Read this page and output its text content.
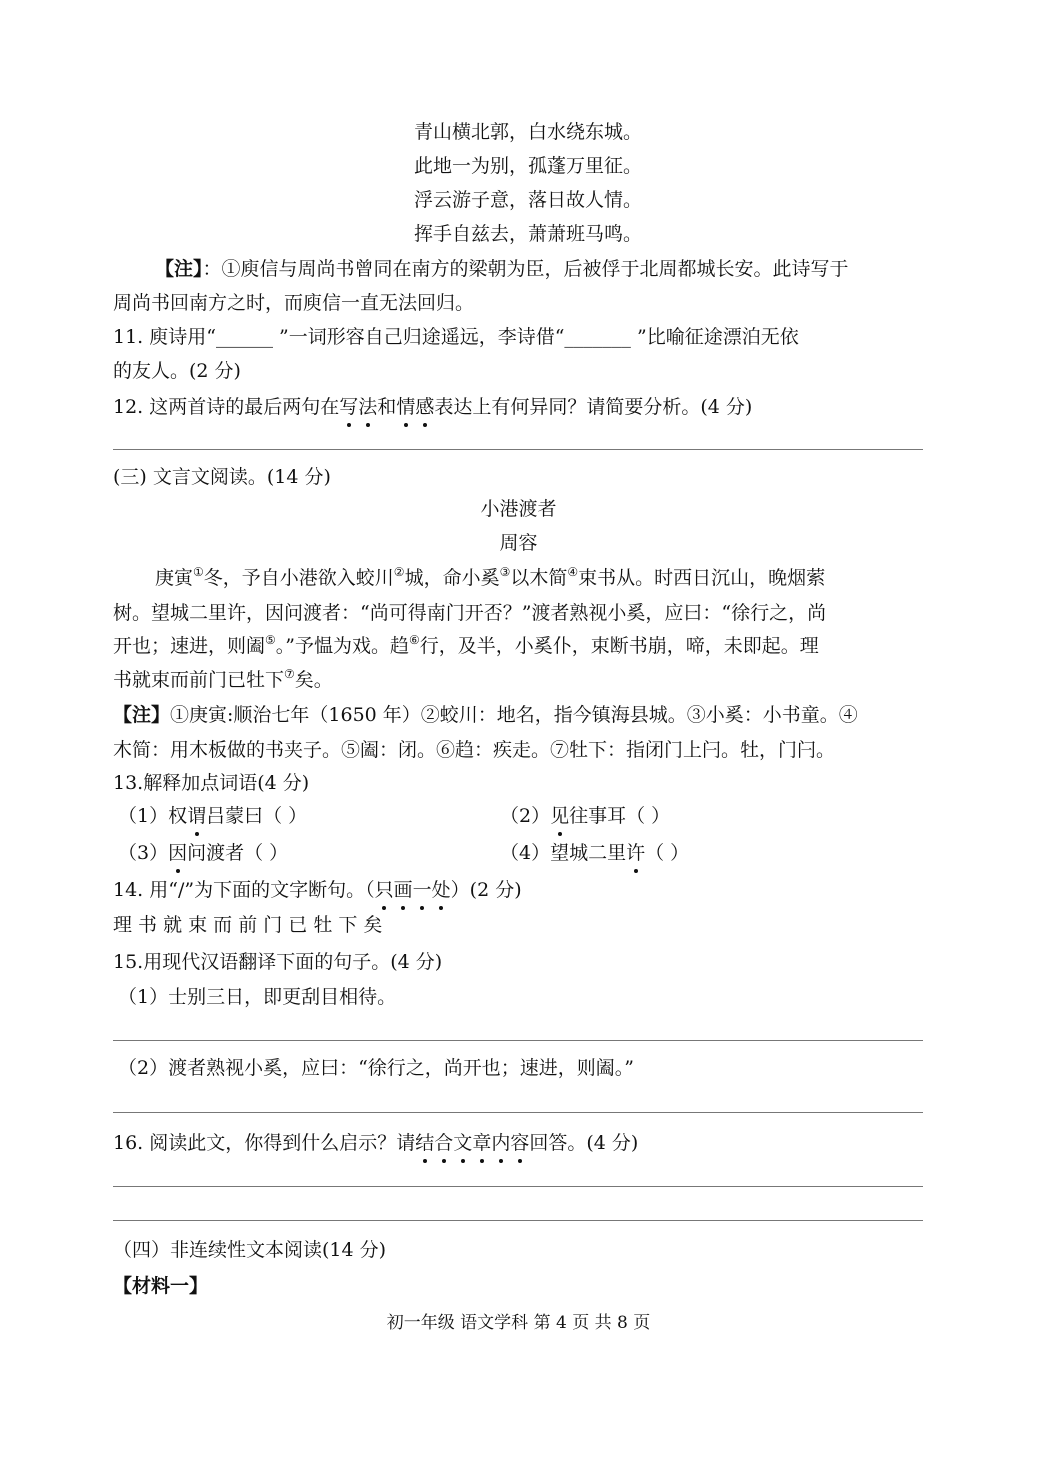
青山横北郭，白水绕东城。
此地一为别，孤蓬万里征。
浮云游子意，落日故人情。
挥手自兹去，萧萧班马鸣。
【注】：①庾信与周尚书曾同在南方的梁朝为臣，后被俘于北周都城长安。此诗写于
周尚书回南方之时，而庾信一直无法回归。
11. 庾诗用“______ ”一词形容自己归途遥远，李诗借“_______ ”比喻征途漂泊无依
的友人。(2 分)
12. 这两首诗的最后两句在写法和情感表达上有何异同？请简要分析。(4 分)
(三) 文言文阅读。(14 分)
小港渡者
周容
庚寅①冬，予自小港欲入蛟川②城，命小奚③以木简④束书从。时西日沉山，晚烟萦
树。望城二里许，因问渡者：“尚可得南门开否？”渡者熟视小奚，应曰：“徐行之，尚
开也；速进，则阖⑤。”予愠为戏。趋⑥行，及半，小奚仆，束断书崩，啼，未即起。理
书就束而前门已牡下⑦矣。
【注】①庚寅:顺治七年（1650 年）②蛟川：地名，指今镇海县城。③小奚：小书童。④
木简：用木板做的书夹子。⑤阖：闭。⑥趋：疾走。⑦牡下：指闭门上闩。牡，门闩。
13.解释加点词语(4 分)
（1）权谓吕蒙曰（ ）	（2）见往事耳（ ）
（3）因问渡者（ ）	（4）望城二里许（ ）
14. 用“/”为下面的文字断句。（只画一处）(2 分)
理 书 就 束 而 前 门 已 牡 下 矣
15.用现代汉语翻译下面的句子。(4 分)
（1）士别三日，即更刮目相待。
（2）渡者熟视小奚，应曰：“徐行之，尚开也；速进，则阖。”
16. 阅读此文，你得到什么启示？请结合文章内容回答。(4 分)
（四）非连续性文本阅读(14 分)
【材料一】
初一年级 语文学科 第 4 页 共 8 页
